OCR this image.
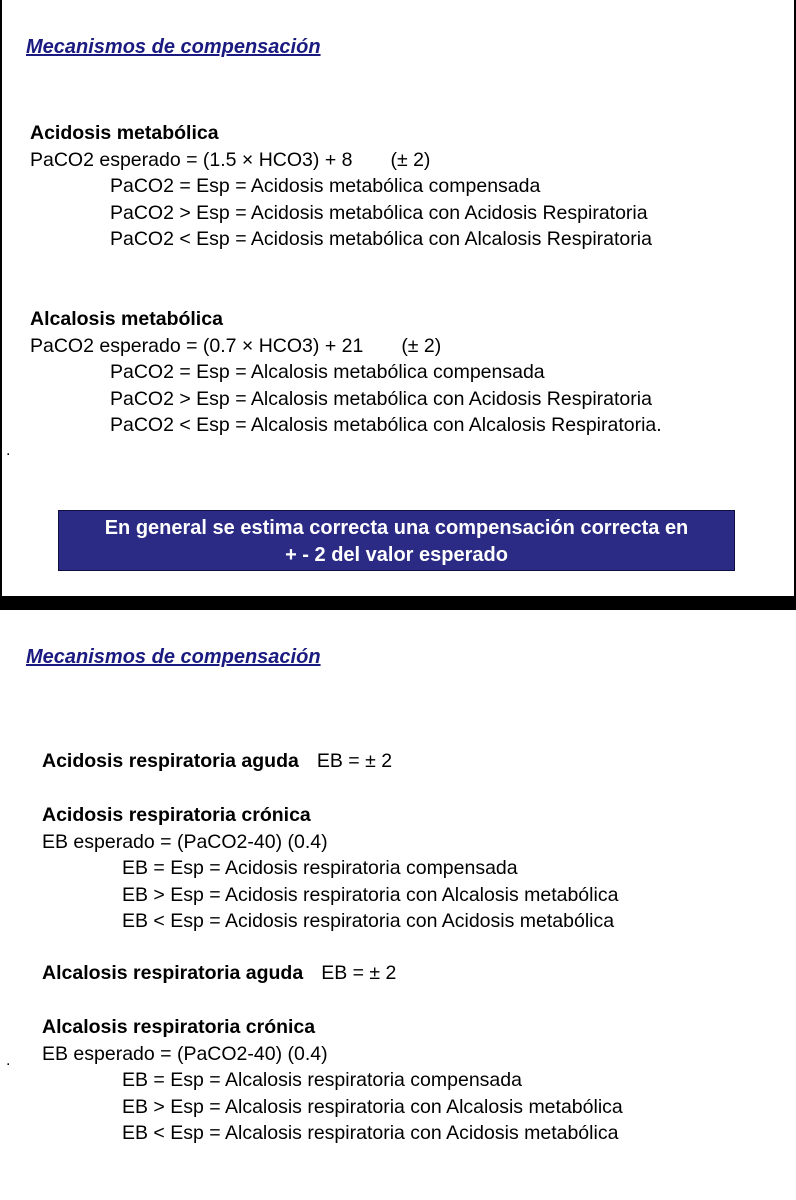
Mecanismos de compensación
Acidosis metabólica
PaCO2 esperado = (1.5 × HCO3) + 8 (± 2)
PaCO2 = Esp = Acidosis metabólica compensada
PaCO2 > Esp = Acidosis metabólica con Acidosis Respiratoria
PaCO2 < Esp = Acidosis metabólica con Alcalosis Respiratoria
Alcalosis metabólica
PaCO2 esperado = (0.7 × HCO3) + 21 (± 2)
PaCO2 = Esp = Alcalosis metabólica compensada
PaCO2 > Esp = Alcalosis metabólica con Acidosis Respiratoria
PaCO2 < Esp = Alcalosis metabólica con Alcalosis Respiratoria.
.
En general se estima correcta una compensación correcta en
+ - 2 del valor esperado
Mecanismos de compensación
Acidosis respiratoria aguda EB = ± 2
Acidosis respiratoria crónica
EB esperado = (PaCO2-40) (0.4)
EB = Esp = Acidosis respiratoria compensada
EB > Esp = Acidosis respiratoria con Alcalosis metabólica
EB < Esp = Acidosis respiratoria con Acidosis metabólica
Alcalosis respiratoria aguda EB = ± 2
Alcalosis respiratoria crónica
EB esperado = (PaCO2-40) (0.4)
EB = Esp = Alcalosis respiratoria compensada
EB > Esp = Alcalosis respiratoria con Alcalosis metabólica
EB < Esp = Alcalosis respiratoria con Acidosis metabólica
.
